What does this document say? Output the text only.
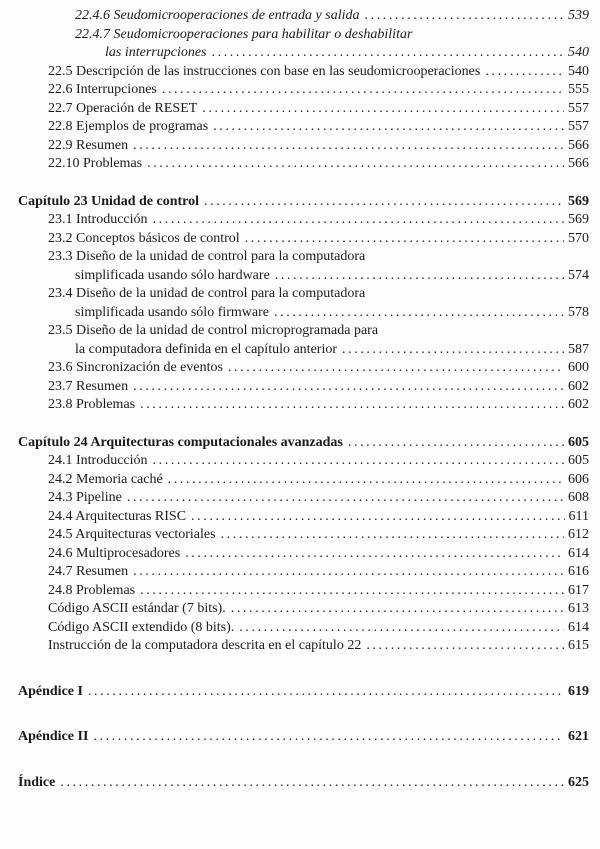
22.4.6 Seudomicrooperaciones de entrada y salida .....	539
22.4.7 Seudomicrooperaciones para habilitar o deshabilitar
las interrupciones .....	540
22.5 Descripción de las instrucciones con base en las seudomicrooperaciones .....	540
22.6 Interrupciones .....	555
22.7 Operación de RESET .....	557
22.8 Ejemplos de programas .....	557
22.9 Resumen .....	566
22.10 Problemas .....	566
Capítulo 23 Unidad de control .....	569
23.1 Introducción .....	569
23.2 Conceptos básicos de control .....	570
23.3 Diseño de la unidad de control para la computadora
simplificada usando sólo hardware .....	574
23.4 Diseño de la unidad de control para la computadora
simplificada usando sólo firmware .....	578
23.5 Diseño de la unidad de control microprogramada para
la computadora definida en el capítulo anterior .....	587
23.6 Sincronización de eventos .....	600
23.7 Resumen .....	602
23.8 Problemas .....	602
Capítulo 24 Arquitecturas computacionales avanzadas .....	605
24.1 Introducción .....	605
24.2 Memoria caché .....	606
24.3 Pipeline .....	608
24.4 Arquitecturas RISC .....	611
24.5 Arquitecturas vectoriales .....	612
24.6 Multiprocesadores .....	614
24.7 Resumen .....	616
24.8 Problemas .....	617
Código ASCII estándar (7 bits). .....	613
Código ASCII extendido (8 bits). .....	614
Instrucción de la computadora descrita en el capítulo 22 .....	615
Apéndice I .....	619
Apéndice II .....	621
Índice .....	625
